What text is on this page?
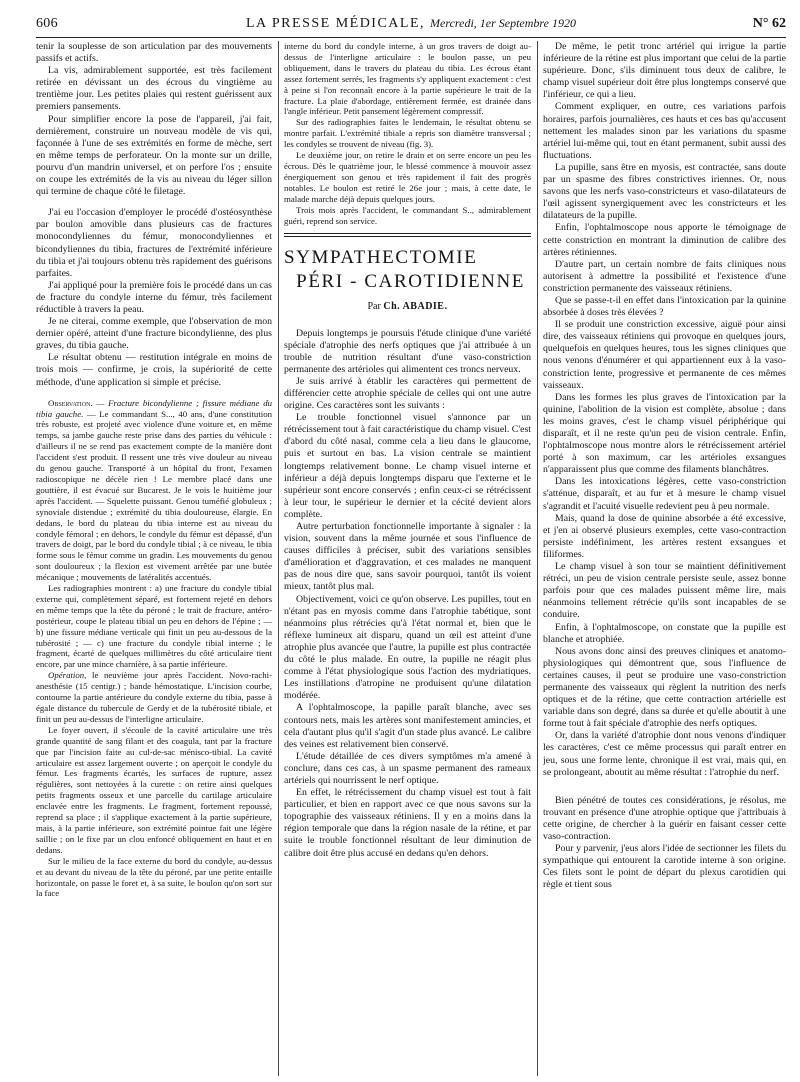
606	LA PRESSE MÉDICALE, Mercredi, 1er Septembre 1920	N° 62

tenir la souplesse de son articulation par des mouvements passifs et actifs.

La vis, admirablement supportée, est très facilement retirée en dévissant un des écrous du vingtième au trentième jour. Les petites plaies qui restent guérissent aux premiers pansements.

Pour simplifier encore la pose de l'appareil, j'ai fait, dernièrement, construire un nouveau modèle de vis qui, façonnée à l'une de ses extrémités en forme de mèche, sert en même temps de perforateur. On la monte sur un drille, pourvu d'un mandrin universel, et on perfore l'os ; ensuite on coupe les extrémités de la vis au niveau du léger sillon qui termine de chaque côté le filetage.

J'ai eu l'occasion d'employer le procédé d'ostéosynthèse par boulon amovible dans plusieurs cas de fractures monocondyliennes du fémur, monocondyliennes et bicondyliennes du tibia, fractures de l'extrémité inférieure du tibia et j'ai toujours obtenu très rapidement des guérisons parfaites.

J'ai appliqué pour la première fois le procédé dans un cas de fracture du condyle interne du fémur, très facilement réductible à travers la peau.

Je ne citerai, comme exemple, que l'observation de mon dernier opéré, atteint d'une fracture bicondylienne, des plus graves, du tibia gauche.

Le résultat obtenu — restitution intégrale en moins de trois mois — confirme, je crois, la supériorité de cette méthode, d'une application si simple et précise.

Observation. — Fracture bicondylienne ; fissure médiane du tibia gauche. — Le commandant S..., 40 ans, d'une constitution très robuste, est projeté avec violence d'une voiture et, en même temps, sa jambe gauche reste prise dans des parties du véhicule : d'ailleurs il ne se rend pas exactement compte de la manière dont l'accident s'est produit. Il ressent une très vive douleur au niveau du genou gauche. Transporté à un hôpital du front, l'examen radioscopique ne décèle rien ! Le membre placé dans une gouttière, il est évacué sur Bucarest. Je le vois le huitième jour après l'accident. — Squelette puissant. Genou tuméfié globuleux ; synoviale distendue ; extrémité du tibia douloureuse, élargie. En dedans, le bord du plateau du tibia interne est au niveau du condyle fémoral ; en dehors, le condyle du fémur est dépassé, d'un travers de doigt, par le bord du condyle tibial ; à ce niveau, le tibia forme sous le fémur comme un gradin. Les mouvements du genou sont douloureux ; la flexion est vivement arrêtée par une butée mécanique ; mouvements de latéralités accentués.

Les radiographies montrent : a) une fracture du condyle tibial externe qui, complètement séparé, est fortement rejeté en dehors en même temps que la tête du péroné ; le trait de fracture, antéro-postérieur, coupe le plateau tibial un peu en dehors de l'épine ; — b) une fissure médiane verticale qui finit un peu au-dessous de la tubérosité ; — c) une fracture du condyle tibial interne ; le fragment, écarté de quelques millimètres du côté articulaire tient encore, par une mince charnière, à sa partie inférieure.

Opération, le neuvième jour après l'accident. Novo-rachi-anesthésie (15 centigr.) ; bande hémostatique. L'incision courbe, contourne la partie antérieure du condyle externe du tibia, passe à égale distance du tubercule de Gerdy et de la tubérosité tibiale, et finit un peu au-dessus de l'interligne articulaire.

Le foyer ouvert, il s'écoule de la cavité articulaire une très grande quantité de sang filant et des coagula, tant par la fracture que par l'incision faite au cul-de-sac ménisco-tibial. La cavité articulaire est assez largement ouverte ; on aperçoit le condyle du fémur. Les fragments écartés, les surfaces de rupture, assez régulières, sont nettoyées à la curette : on retire ainsi quelques petits fragments osseux et une parcelle du cartilage articulaire enclavée entre les fragments. Le fragment, fortement repoussé, reprend sa place ; il s'applique exactement à la partie supérieure, mais, à la partie inférieure, son extrémité pointue fait une légère saillie ; on le fixe par un clou enfoncé obliquement en haut et en dedans.

Sur le milieu de la face externe du bord du condyle, au-dessus et au devant du niveau de la tête du péroné, par une petite entaille horizontale, on passe le foret et, à sa suite, le boulon qu'on sort sur la face

interne du bord du condyle interne, à un gros travers de doigt au-dessus de l'interligne articulaire : le boulon passe, un peu obliquement, dans le travers du plateau du tibia. Les écrous étant assez fortement serrés, les fragments s'y appliquent exactement : c'est à peine si l'on reconnaît encore à la partie supérieure le trait de la fracture. La plaie d'abordage, entièrement fermée, est drainée dans l'angle inférieur. Petit pansement légèrement compressif.

Sur des radiographies faites le lendemain, le résultat obtenu se montre parfait. L'extrémité tibiale a repris son diamètre transversal ; les condyles se trouvent de niveau (fig. 3).

Le deuxième jour, on retire le drain et on serre encore un peu les écrous. Dès le quatrième jour, le blessé commence à mouvoir assez énergiquement son genou et très rapidement il fait des progrès notables. Le boulon est retiré le 26e jour ; mais, à cette date, le malade marche déjà depuis quelques jours.

Trois mois après l'accident, le commandant S.., admirablement guéri, reprend son service.

SYMPATHECTOMIE
PÉRI - CAROTIDIENNE
Par Ch. ABADIE.

Depuis longtemps je poursuis l'étude clinique d'une variété spéciale d'atrophie des nerfs optiques que j'ai attribuée à un trouble de nutrition résultant d'une vaso-constriction permanente des artérioles qui alimentent ces troncs nerveux.

Je suis arrivé à établir les caractères qui permettent de différencier cette atrophie spéciale de celles qui ont une autre origine. Ces caractères sont les suivants :

Le trouble fonctionnel visuel s'annonce par un rétrécissement tout à fait caractéristique du champ visuel. C'est d'abord du côté nasal, comme cela a lieu dans le glaucome, puis et surtout en bas. La vision centrale se maintient longtemps relativement bonne. Le champ visuel interne et inférieur a déjà depuis longtemps disparu que l'externe et le supérieur sont encore conservés ; enfin ceux-ci se rétrécissent à leur tour, le supérieur le dernier et la cécité devient alors complète.

Autre perturbation fonctionnelle importante à signaler : la vision, souvent dans la même journée et sous l'influence de causes difficiles à préciser, subit des variations sensibles d'amélioration et d'aggravation, et ces malades ne manquent pas de nous dire que, sans savoir pourquoi, tantôt ils voient mieux, tantôt plus mal.

Objectivement, voici ce qu'on observe. Les pupilles, tout en n'étant pas en myosis comme dans l'atrophie tabétique, sont néanmoins plus rétrécies qu'à l'état normal et, bien que le réflexe lumineux ait disparu, quand un œil est atteint d'une atrophie plus avancée que l'autre, la pupille est plus contractée du côté le plus malade. En outre, la pupille ne réagit plus comme à l'état physiologique sous l'action des mydriatiques. Les instillations d'atropine ne produisent qu'une dilatation modérée.

A l'ophtalmoscope, la papille paraît blanche, avec ses contours nets, mais les artères sont manifestement amincies, et cela d'autant plus qu'il s'agit d'un stade plus avancé. Le calibre des veines est relativement bien conservé.

L'étude détaillée de ces divers symptômes m'a amené à conclure, dans ces cas, à un spasme permanent des rameaux artériels qui nourrissent le nerf optique.

En effet, le rétrécissement du champ visuel est tout à fait particulier, et bien en rapport avec ce que nous savons sur la topographie des vaisseaux rétiniens. Il y en a moins dans la région temporale que dans la région nasale de la rétine, et par suite le trouble fonctionnel résultant de leur diminution de calibre doit être plus accusé en dedans qu'en dehors.

De même, le petit tronc artériel qui irrigue la partie inférieure de la rétine est plus important que celui de la partie supérieure. Donc, s'ils diminuent tous deux de calibre, le champ visuel supérieur doit être plus longtemps conservé que l'inférieur, ce qui a lieu.

Comment expliquer, en outre, ces variations parfois horaires, parfois journalières, ces hauts et ces bas qu'accusent nettement les malades sinon par les variations du spasme artériel lui-même qui, tout en étant permanent, subit aussi des fluctuations.

La pupille, sans être en myosis, est contractée, sans doute par un spasme des fibres constrictives iriennes. Or, nous savons que les nerfs vaso-constricteurs et vaso-dilatateurs de l'œil agissent synergiquement avec les constricteurs et les dilatateurs de la pupille.

Enfin, l'ophtalmoscope nous apporte le témoignage de cette constriction en montrant la diminution de calibre des artères rétiniennes.

D'autre part, un certain nombre de faits cliniques nous autorisent à admettre la possibilité et l'existence d'une constriction permanente des vaisseaux rétiniens.

Que se passe-t-il en effet dans l'intoxication par la quinine absorbée à doses très élevées ?

Il se produit une constriction excessive, aiguë pour ainsi dire, des vaisseaux rétiniens qui provoque en quelques jours, quelquefois en quelques heures, tous les signes cliniques que nous venons d'énumérer et qui appartiennent eux à la vaso-constriction lente, progressive et permanente de ces mêmes vaisseaux.

Dans les formes les plus graves de l'intoxication par la quinine, l'abolition de la vision est complète, absolue ; dans les moins graves, c'est le champ visuel périphérique qui disparaît, et il ne reste qu'un peu de vision centrale. Enfin, l'ophtalmoscope nous montre alors le rétrécissement artériel porté à son maximum, car les artérioles exsangues n'apparaissent plus que comme des filaments blanchâtres.

Dans les intoxications légères, cette vaso-constriction s'atténue, disparaît, et au fur et à mesure le champ visuel s'agrandit et l'acuité visuelle redevient peu à peu normale.

Mais, quand la dose de quinine absorbée a été excessive, et j'en ai observé plusieurs exemples, cette vaso-contraction persiste indéfiniment, les artères restent exsangues et filiformes.

Le champ visuel à son tour se maintient définitivement rétréci, un peu de vision centrale persiste seule, assez bonne parfois pour que ces malades puissent même lire, mais néanmoins tellement rétrécie qu'ils sont incapables de se conduire.

Enfin, à l'ophtalmoscope, on constate que la pupille est blanche et atrophiée.

Nous avons donc ainsi des preuves cliniques et anatomo-physiologiques qui démontrent que, sous l'influence de certaines causes, il peut se produire une vaso-constriction permanente des vaisseaux qui règlent la nutrition des nerfs optiques et de la rétine, que cette contraction artérielle est variable dans son degré, dans sa durée et qu'elle aboutit à une forme tout à fait spéciale d'atrophie des nerfs optiques.

Or, dans la variété d'atrophie dont nous venons d'indiquer les caractères, c'est ce même processus qui paraît entrer en jeu, sous une forme lente, chronique il est vrai, mais qui, en se prolongeant, aboutit au même résultat : l'atrophie du nerf.

Bien pénétré de toutes ces considérations, je résolus, me trouvant en présence d'une atrophie optique que j'attribuais à cette origine, de chercher à la guérir en faisant cesser cette vaso-contraction.

Pour y parvenir, j'eus alors l'idée de sectionner les filets du sympathique qui entourent la carotide interne à son origine. Ces filets sont le point de départ du plexus carotidien qui règle et tient sous
